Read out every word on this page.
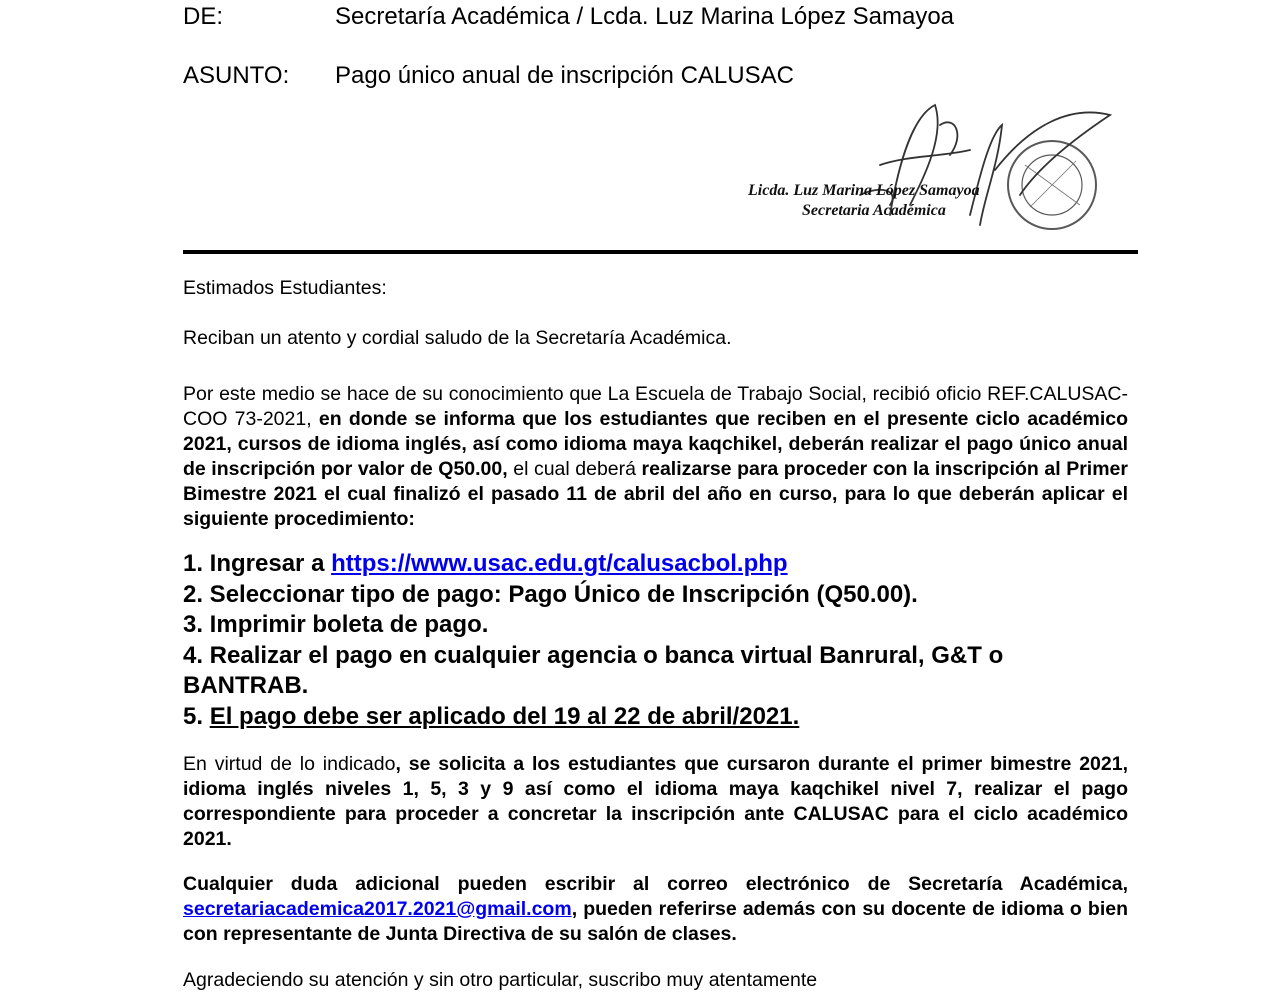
DE:	Secretaría Académica / Lcda. Luz Marina López Samayoa
ASUNTO: Pago único anual de inscripción CALUSAC
Licda. Luz Marina López Samayoa
Secretaria Académica
Estimados Estudiantes:
Reciban un atento y cordial saludo de la Secretaría Académica.
Por este medio se hace de su conocimiento que La Escuela de Trabajo Social, recibió oficio REF.CALUSAC-COO 73-2021, en donde se informa que los estudiantes que reciben en el presente ciclo académico 2021, cursos de idioma inglés, así como idioma maya kaqchikel, deberán realizar el pago único anual de inscripción por valor de Q50.00, el cual deberá realizarse para proceder con la inscripción al Primer Bimestre 2021 el cual finalizó el pasado 11 de abril del año en curso, para lo que deberán aplicar el siguiente procedimiento:
1. Ingresar a https://www.usac.edu.gt/calusacbol.php
2. Seleccionar tipo de pago: Pago Único de Inscripción (Q50.00).
3. Imprimir boleta de pago.
4. Realizar el pago en cualquier agencia o banca virtual Banrural, G&T o BANTRAB.
5. El pago debe ser aplicado del 19 al 22 de abril/2021.
En virtud de lo indicado, se solicita a los estudiantes que cursaron durante el primer bimestre 2021, idioma inglés niveles 1, 5, 3 y 9 así como el idioma maya kaqchikel nivel 7, realizar el pago correspondiente para proceder a concretar la inscripción ante CALUSAC para el ciclo académico 2021.
Cualquier duda adicional pueden escribir al correo electrónico de Secretaría Académica, secretariacademica2017.2021@gmail.com, pueden referirse además con su docente de idioma o bien con representante de Junta Directiva de su salón de clases.
Agradeciendo su atención y sin otro particular, suscribo muy atentamente
